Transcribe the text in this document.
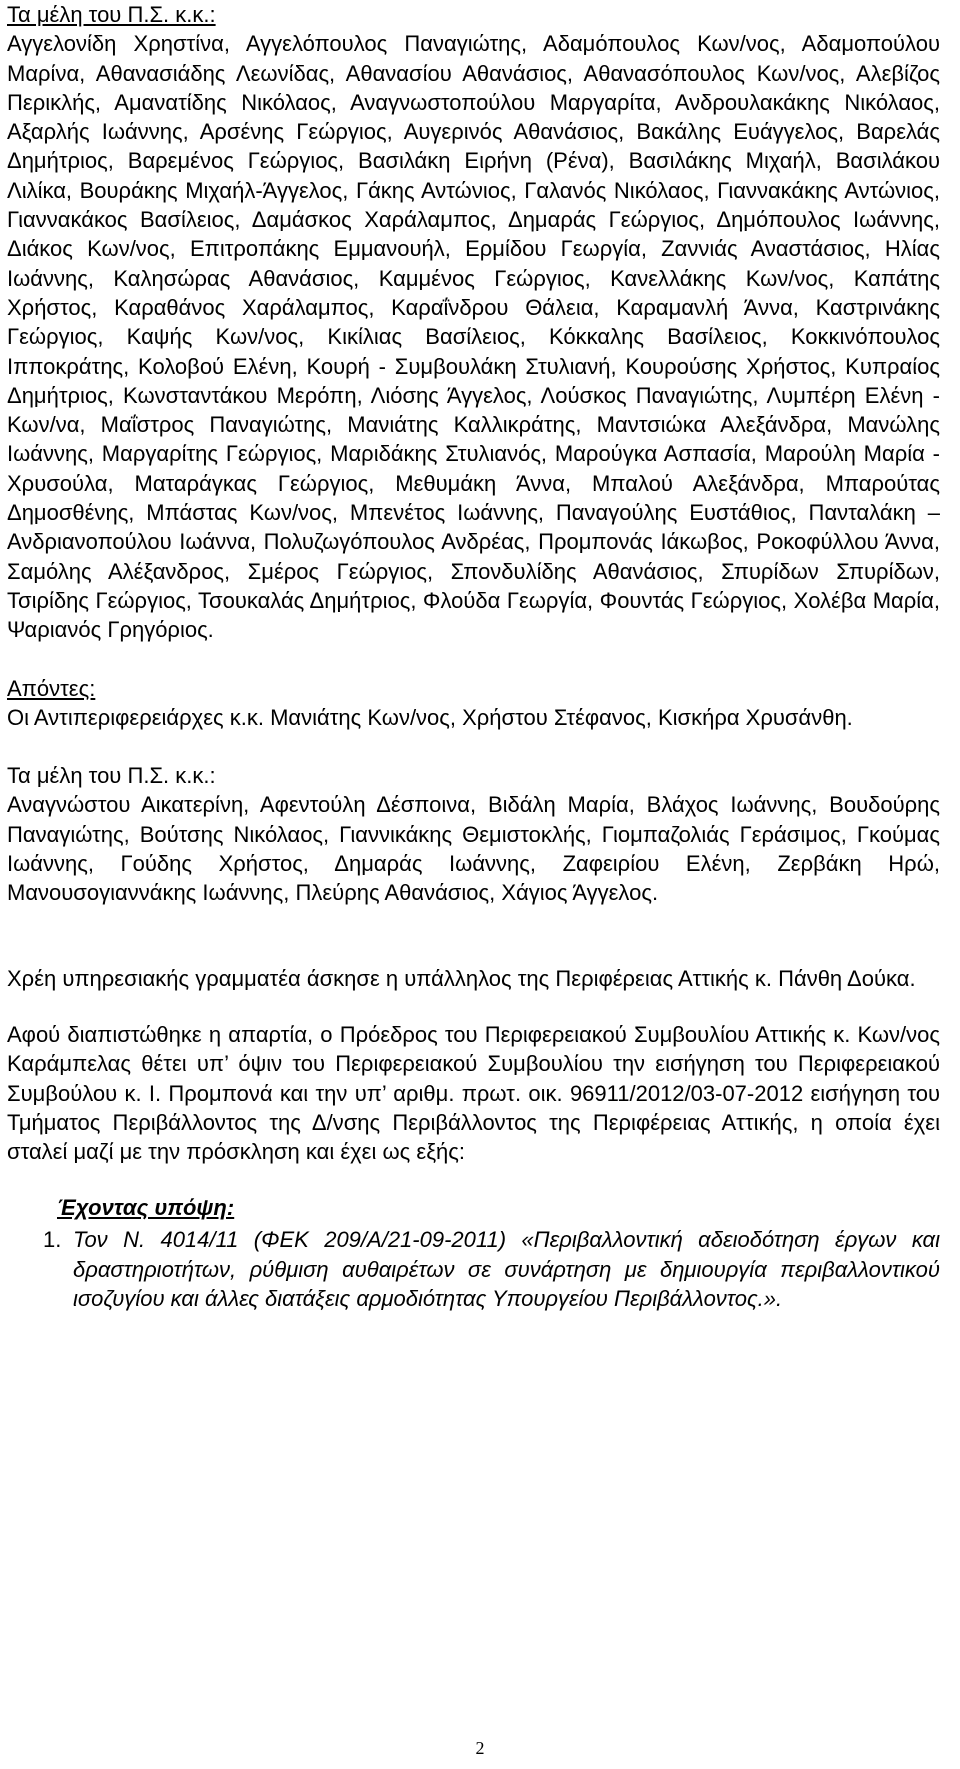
Τα μέλη του Π.Σ. κ.κ.:

Αγγελονίδη Χρηστίνα, Αγγελόπουλος Παναγιώτης, Αδαμόπουλος Κων/νος, Αδαμοπούλου Μαρίνα, Αθανασιάδης Λεωνίδας, Αθανασίου Αθανάσιος, Αθανασόπουλος Κων/νος, Αλεβίζος Περικλής, Αμανατίδης Νικόλαος, Αναγνωστοπούλου Μαργαρίτα, Ανδρουλακάκης Νικόλαος, Αξαρλής Ιωάννης, Αρσένης Γεώργιος, Αυγερινός Αθανάσιος, Βακάλης Ευάγγελος, Βαρελάς Δημήτριος, Βαρεμένος Γεώργιος, Βασιλάκη Ειρήνη (Ρένα), Βασιλάκης Μιχαήλ, Βασιλάκου Λιλίκα, Βουράκης Μιχαήλ-Άγγελος, Γάκης Αντώνιος, Γαλανός Νικόλαος, Γιαννακάκης Αντώνιος, Γιαννακάκος Βασίλειος, Δαμάσκος Χαράλαμπος, Δημαράς Γεώργιος, Δημόπουλος Ιωάννης, Διάκος Κων/νος, Επιτροπάκης Εμμανουήλ, Ερμίδου Γεωργία, Ζαννιάς Αναστάσιος, Ηλίας Ιωάννης, Καλησώρας Αθανάσιος, Καμμένος Γεώργιος, Κανελλάκης Κων/νος, Καπάτης Χρήστος, Καραθάνος Χαράλαμπος, Καραΐνδρου Θάλεια, Καραμανλή Άννα, Καστρινάκης Γεώργιος, Καψής Κων/νος, Κικίλιας Βασίλειος, Κόκκαλης Βασίλειος, Κοκκινόπουλος Ιπποκράτης, Κολοβού Ελένη, Κουρή - Συμβουλάκη Στυλιανή, Κουρούσης Χρήστος, Κυπραίος Δημήτριος, Κωνσταντάκου Μερόπη, Λιόσης Άγγελος, Λούσκος Παναγιώτης, Λυμπέρη Ελένη - Κων/να, Μαΐστρος Παναγιώτης, Μανιάτης Καλλικράτης, Μαντσιώκα Αλεξάνδρα, Μανώλης Ιωάννης, Μαργαρίτης Γεώργιος, Μαριδάκης Στυλιανός, Μαρούγκα Ασπασία, Μαρούλη Μαρία - Χρυσούλα, Ματαράγκας Γεώργιος, Μεθυμάκη Άννα, Μπαλού Αλεξάνδρα, Μπαρούτας Δημοσθένης, Μπάστας Κων/νος, Μπενέτος Ιωάννης, Παναγούλης Ευστάθιος, Πανταλάκη – Ανδριανοπούλου Ιωάννα, Πολυζωγόπουλος Ανδρέας, Προμπονάς Ιάκωβος, Ροκοφύλλου Άννα, Σαμόλης Αλέξανδρος, Σμέρος Γεώργιος, Σπονδυλίδης Αθανάσιος, Σπυρίδων Σπυρίδων, Τσιρίδης Γεώργιος, Τσουκαλάς Δημήτριος, Φλούδα Γεωργία, Φουντάς Γεώργιος, Χολέβα Μαρία, Ψαριανός Γρηγόριος.

Απόντες:

Οι Αντιπεριφερειάρχες κ.κ. Μανιάτης Κων/νος, Χρήστου Στέφανος, Κισκήρα Χρυσάνθη.

Τα μέλη του Π.Σ. κ.κ.:

Αναγνώστου Αικατερίνη, Αφεντούλη Δέσποινα, Βιδάλη Μαρία, Βλάχος Ιωάννης, Βουδούρης Παναγιώτης, Βούτσης Νικόλαος, Γιαννικάκης Θεμιστοκλής, Γιομπαζολιάς Γεράσιμος, Γκούμας Ιωάννης, Γούδης Χρήστος, Δημαράς Ιωάννης, Ζαφειρίου Ελένη, Ζερβάκη Ηρώ, Μανουσογιαννάκης Ιωάννης, Πλεύρης Αθανάσιος, Χάγιος Άγγελος.

Χρέη υπηρεσιακής γραμματέα άσκησε η υπάλληλος της Περιφέρειας Αττικής κ. Πάνθη Δούκα.

Αφού διαπιστώθηκε η απαρτία, ο Πρόεδρος του Περιφερειακού Συμβουλίου Αττικής κ. Κων/νος Καράμπελας θέτει υπ’ όψιν του Περιφερειακού Συμβουλίου την εισήγηση του Περιφερειακού Συμβούλου κ. Ι. Προμπονά και την υπ’ αριθμ. πρωτ. οικ. 96911/2012/03-07-2012 εισήγηση του Τμήματος Περιβάλλοντος της Δ/νσης Περιβάλλοντος της Περιφέρειας Αττικής, η οποία έχει σταλεί μαζί με την πρόσκληση και έχει ως εξής:

Έχοντας υπόψη:

1. Τον Ν. 4014/11 (ΦΕΚ 209/Α/21-09-2011) «Περιβαλλοντική αδειοδότηση έργων και δραστηριοτήτων, ρύθμιση αυθαιρέτων σε συνάρτηση με δημιουργία περιβαλλοντικού ισοζυγίου και άλλες διατάξεις αρμοδιότητας Υπουργείου Περιβάλλοντος.».
2
